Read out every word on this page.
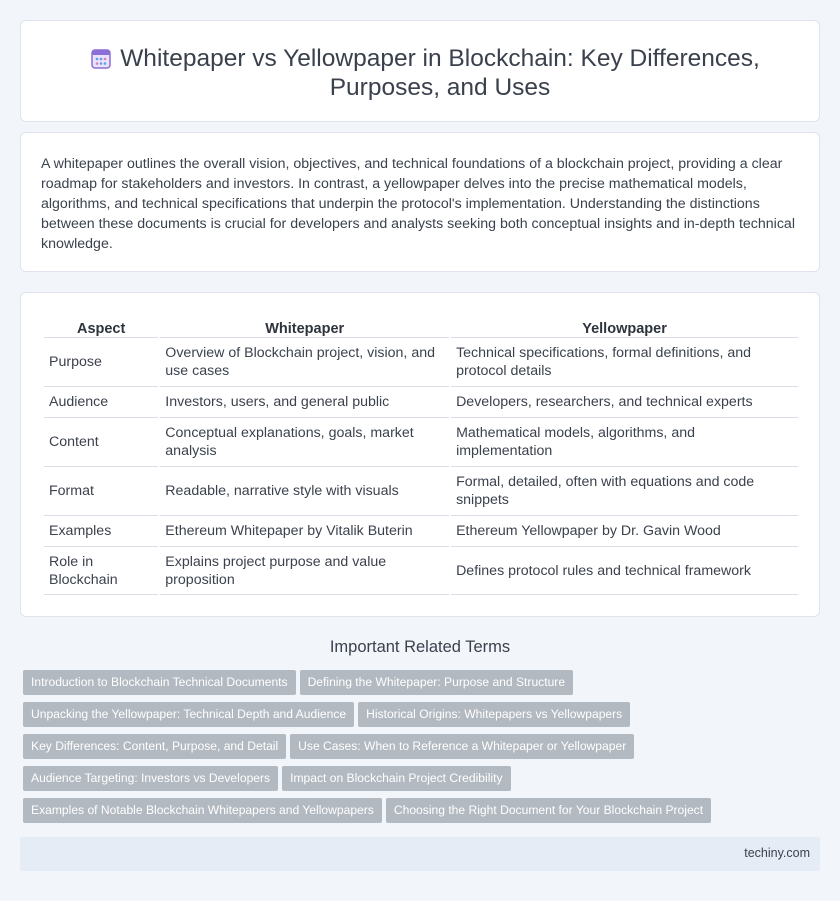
Whitepaper vs Yellowpaper in Blockchain: Key Differences, Purposes, and Uses

A whitepaper outlines the overall vision, objectives, and technical foundations of a blockchain project, providing a clear roadmap for stakeholders and investors. In contrast, a yellowpaper delves into the precise mathematical models, algorithms, and technical specifications that underpin the protocol's implementation. Understanding the distinctions between these documents is crucial for developers and analysts seeking both conceptual insights and in-depth technical knowledge.

Aspect	Whitepaper	Yellowpaper
Purpose	Overview of Blockchain project, vision, and use cases	Technical specifications, formal definitions, and protocol details
Audience	Investors, users, and general public	Developers, researchers, and technical experts
Content	Conceptual explanations, goals, market analysis	Mathematical models, algorithms, and implementation
Format	Readable, narrative style with visuals	Formal, detailed, often with equations and code snippets
Examples	Ethereum Whitepaper by Vitalik Buterin	Ethereum Yellowpaper by Dr. Gavin Wood
Role in Blockchain	Explains project purpose and value proposition	Defines protocol rules and technical framework
Important Related Terms
Introduction to Blockchain Technical Documents Defining the Whitepaper: Purpose and Structure
Unpacking the Yellowpaper: Technical Depth and Audience Historical Origins: Whitepapers vs Yellowpapers
Key Differences: Content, Purpose, and Detail Use Cases: When to Reference a Whitepaper or Yellowpaper
Audience Targeting: Investors vs Developers Impact on Blockchain Project Credibility
Examples of Notable Blockchain Whitepapers and Yellowpapers Choosing the Right Document for Your Blockchain Project
techiny.com
